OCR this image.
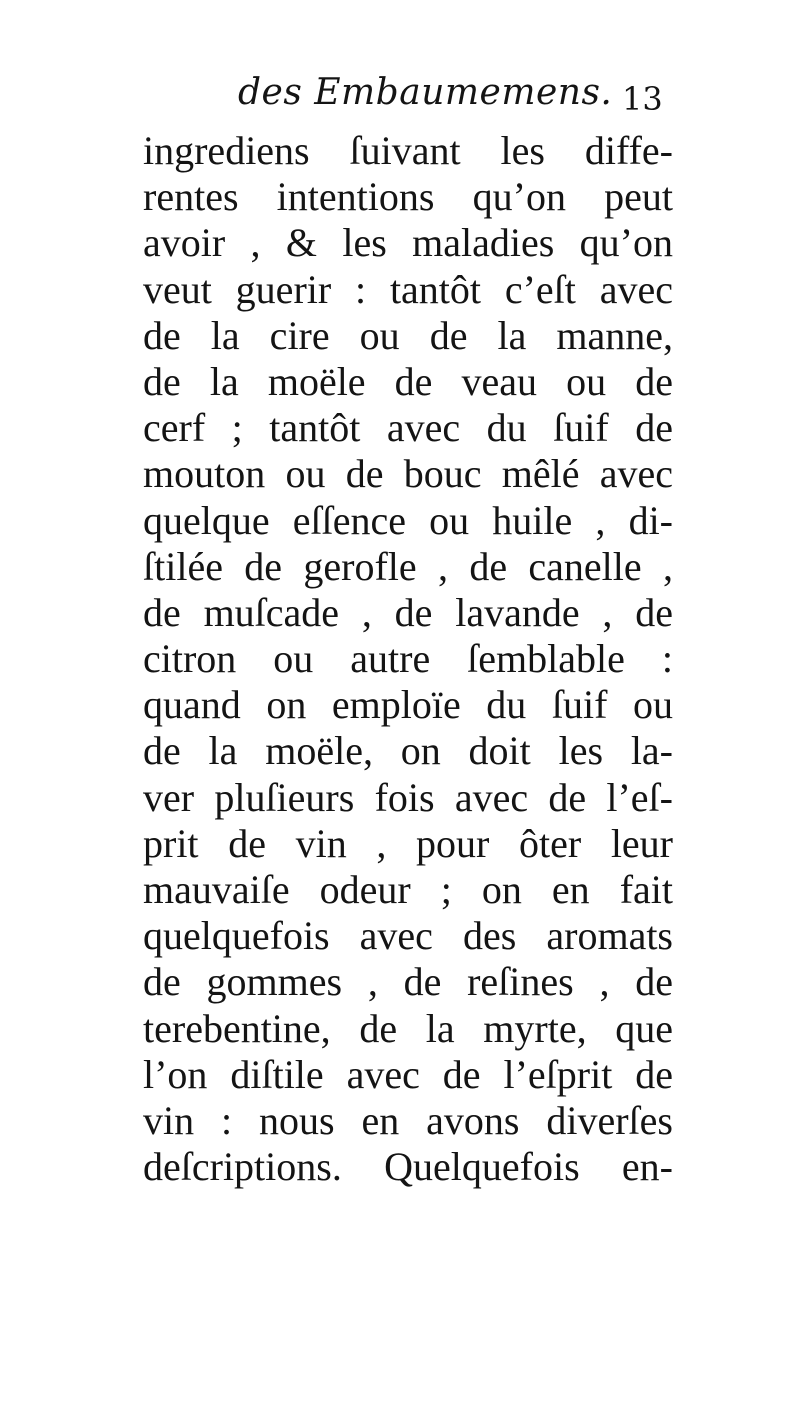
des Embaumemens. 13
ingrediens ſuivant les diffe-
rentes intentions qu’on peut
avoir , & les maladies qu’on
veut guerir : tantôt c’eſt avec
de la cire ou de la manne,
de la moële de veau ou de
cerf ; tantôt avec du ſuif de
mouton ou de bouc mêlé avec
quelque eſſence ou huile , di-
ſtilée de gerofle , de canelle ,
de muſcade , de lavande , de
citron ou autre ſemblable :
quand on emploïe du ſuif ou
de la moële, on doit les la-
ver pluſieurs fois avec de l’eſ-
prit de vin , pour ôter leur
mauvaiſe odeur ; on en fait
quelquefois avec des aromats
de gommes , de reſines , de
terebentine, de la myrte, que
l’on diſtile avec de l’eſprit de
vin : nous en avons diverſes
deſcriptions. Quelquefois en-
